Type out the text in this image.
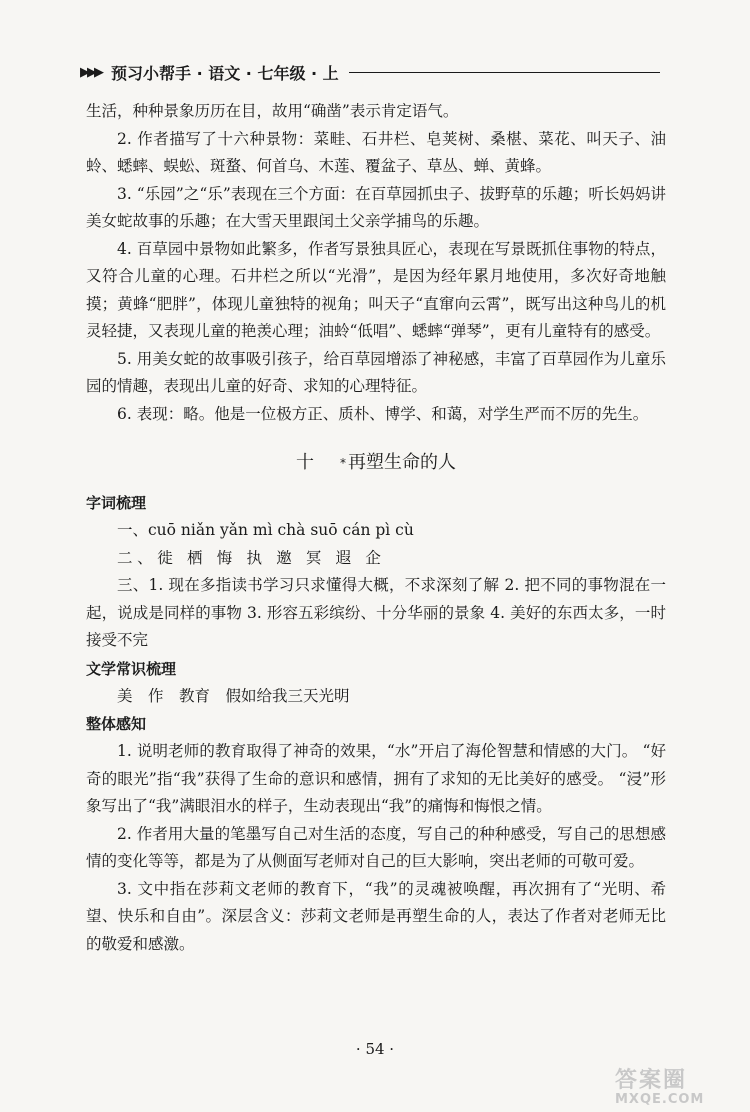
▶▶▶ 预习小帮手 · 语文 · 七年级 · 上

生活，种种景象历历在目，故用“确凿”表示肯定语气。

2. 作者描写了十六种景物：菜畦、石井栏、皂荚树、桑椹、菜花、叫天子、油蛉、蟋蟀、蜈蚣、斑蝥、何首乌、木莲、覆盆子、草丛、蝉、黄蜂。

3. “乐园”之“乐”表现在三个方面：在百草园抓虫子、拔野草的乐趣；听长妈妈讲美女蛇故事的乐趣；在大雪天里跟闰土父亲学捕鸟的乐趣。

4. 百草园中景物如此繁多，作者写景独具匠心，表现在写景既抓住事物的特点，又符合儿童的心理。石井栏之所以“光滑”，是因为经年累月地使用，多次好奇地触摸；黄蜂“肥胖”，体现儿童独特的视角；叫天子“直窜向云霄”，既写出这种鸟儿的机灵轻捷，又表现儿童的艳羡心理；油蛉“低唱”、蟋蟀“弹琴”，更有儿童特有的感受。

5. 用美女蛇的故事吸引孩子，给百草园增添了神秘感，丰富了百草园作为儿童乐园的情趣，表现出儿童的好奇、求知的心理特征。

6. 表现：略。他是一位极方正、质朴、博学、和蔼，对学生严而不厉的先生。

十 * 再塑生命的人
字词梳理

一、cuō niǎn yǎn mì chà suō cán pì cù

二、徙 栖 悔 执 邀 冥 遐 企

三、1. 现在多指读书学习只求懂得大概，不求深刻了解 2. 把不同的事物混在一起，说成是同样的事物 3. 形容五彩缤纷、十分华丽的景象 4. 美好的东西太多，一时接受不完

文学常识梳理

美　作　教育　假如给我三天光明

整体感知

1. 说明老师的教育取得了神奇的效果，“水”开启了海伦智慧和情感的大门。 “好奇的眼光”指“我”获得了生命的意识和感情，拥有了求知的无比美好的感受。 “浸”形象写出了“我”满眼泪水的样子，生动表现出“我”的痛悔和悔恨之情。

2. 作者用大量的笔墨写自己对生活的态度，写自己的种种感受，写自己的思想感情的变化等等，都是为了从侧面写老师对自己的巨大影响，突出老师的可敬可爱。

3. 文中指在莎莉文老师的教育下，“我”的灵魂被唤醒，再次拥有了“光明、希望、快乐和自由”。深层含义：莎莉文老师是再塑生命的人，表达了作者对老师无比的敬爱和感激。

· 54 ·
答案圈
MXQE.COM
